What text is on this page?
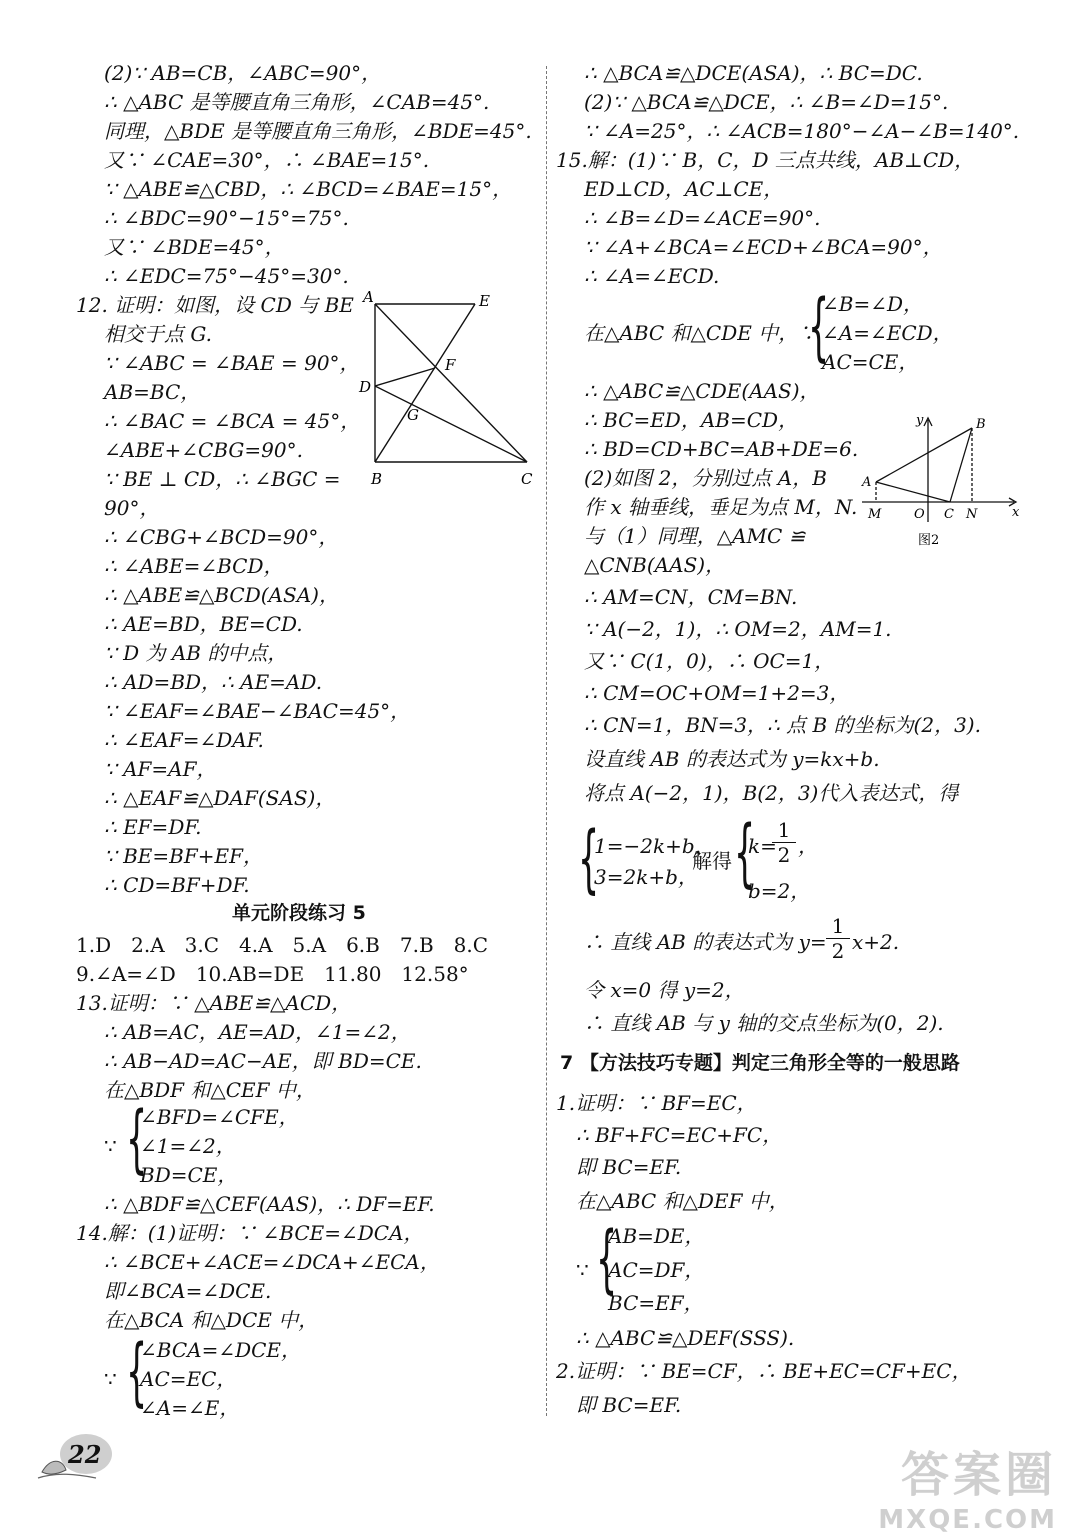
(2)∵ AB=CB，∠ABC=90°，
∴ △ABC 是等腰直角三角形，∠CAB=45°.
同理，△BDE 是等腰直角三角形，∠BDE=45°.
又∵ ∠CAE=30°，∴ ∠BAE=15°.
∵ △ABE≌△CBD，∴ ∠BCD=∠BAE=15°，
∴ ∠BDC=90°−15°=75°.
又∵ ∠BDE=45°，
∴ ∠EDC=75°−45°=30°.
12. 证明：如图，设 CD 与 BE
相交于点 G.
∵ ∠ABC = ∠BAE = 90°，
AB=BC，
∴ ∠BAC = ∠BCA = 45°，
∠ABE+∠CBG=90°.
∵ BE ⊥ CD，∴ ∠BGC =
90°，
∴ ∠CBG+∠BCD=90°，
∴ ∠ABE=∠BCD，
∴ △ABE≌△BCD(ASA)，
∴ AE=BD，BE=CD.
∵ D 为 AB 的中点，
∴ AD=BD，∴ AE=AD.
∵ ∠EAF=∠BAE−∠BAC=45°，
∴ ∠EAF=∠DAF.
∵ AF=AF，
∴ △EAF≌△DAF(SAS)，
∴ EF=DF.
∵ BE=BF+EF，
∴ CD=BF+DF.
A	E
D
F
G
B	C
单元阶段练习 5
1.D　2.A　3.C　4.A　5.A　6.B　7.B　8.C
9.∠A=∠D　10.AB=DE　11.80　12.58°
13.证明：∵ △ABE≌△ACD，
∴ AB=AC，AE=AD，∠1=∠2，
∴ AB−AD=AC−AE，即 BD=CE.
在△BDF 和△CEF 中，
∵ {
∠BFD=∠CFE，
∠1=∠2，
BD=CE，
∴ △BDF≌△CEF(AAS)，∴ DF=EF.
14.解：(1)证明：∵ ∠BCE=∠DCA，
∴ ∠BCE+∠ACE=∠DCA+∠ECA，
即∠BCA=∠DCE.
在△BCA 和△DCE 中，
∵ {
∠BCA=∠DCE，
AC=EC，
∠A=∠E，
∴ △BCA≌△DCE(ASA)，∴ BC=DC.
(2)∵ △BCA≌△DCE，∴ ∠B=∠D=15°.
∵ ∠A=25°，∴ ∠ACB=180°−∠A−∠B=140°.
15.解：(1)∵ B，C，D 三点共线，AB⊥CD，
ED⊥CD，AC⊥CE，
∴ ∠B=∠D=∠ACE=90°.
∵ ∠A+∠BCA=∠ECD+∠BCA=90°，
∴ ∠A=∠ECD.
在△ABC 和△CDE 中，∵
{
∠B=∠D，
∠A=∠ECD，
AC=CE，
∴ △ABC≌△CDE(AAS)，
∴ BC=ED，AB=CD，
∴ BD=CD+BC=AB+DE=6.
(2)如图 2，分别过点 A，B
作 x 轴垂线，垂足为点 M，N.
与（1）同理，△AMC ≌
△CNB(AAS)，
∴ AM=CN，CM=BN.
∵ A(−2，1)，∴ OM=2，AM=1.
又∵ C(1，0)，∴ OC=1，
∴ CM=OC+OM=1+2=3，
∴ CN=1，BN=3，∴ 点 B 的坐标为(2，3).
设直线 AB 的表达式为 y=kx+b.
将点 A(−2，1)，B(2，3)代入表达式，得
y	B
A
M	O C N	x
图2
{
1=−2k+b，
3=2k+b，
解得 {
k=
$\frac{1}{2}$ ，
b=2，
∴ 直线 AB 的表达式为 $y= \frac{1}{2} x+2$.
令 x=0 得 y=2，
∴ 直线 AB 与 y 轴的交点坐标为(0，2).
7 【方法技巧专题】判定三角形全等的一般思路
1.证明：∵ BF=EC，
∴ BF+FC=EC+FC，
即 BC=EF.
在△ABC 和△DEF 中，
∵ {
AB=DE，
AC=DF，
BC=EF，
∴ △ABC≌△DEF(SSS).
2.证明：∵ BE=CF，∴ BE+EC=CF+EC，
即 BC=EF.
22	答案圈
MXQE.COM
